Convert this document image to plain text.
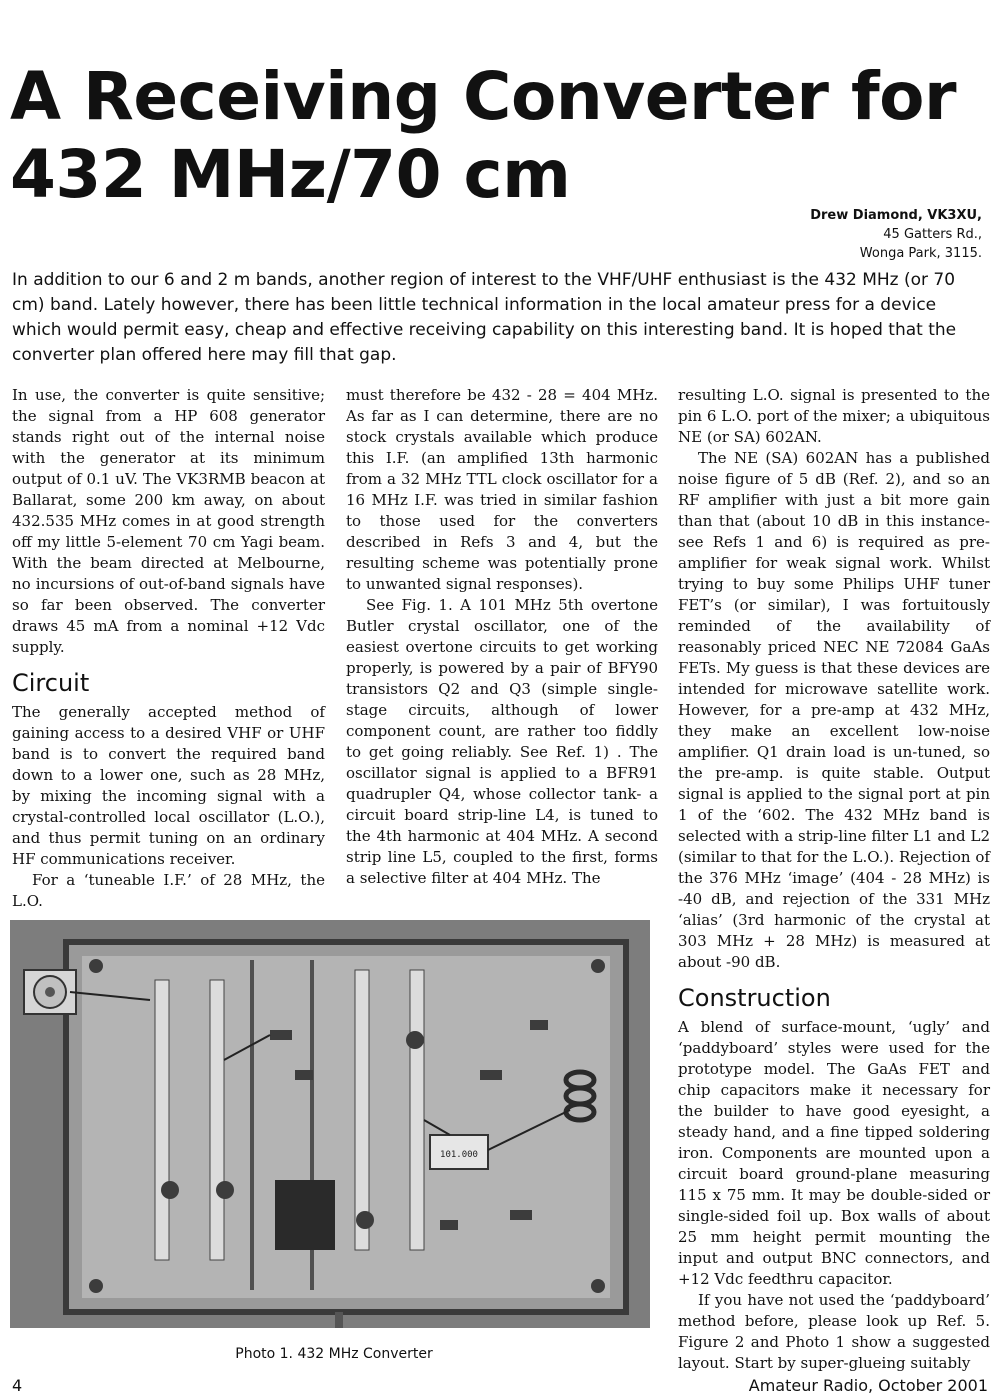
A Receiving Converter for
432 MHz/70 cm
Drew Diamond, VK3XU,
45 Gatters Rd.,
Wonga Park, 3115.

In addition to our 6 and 2 m bands, another region of interest to the VHF/UHF enthusiast is the 432 MHz (or 70 cm) band. Lately however, there has been little technical information in the local amateur press for a device which would permit easy, cheap and effective receiving capability on this interesting band. It is hoped that the converter plan offered here may fill that gap.

In use, the converter is quite sensitive; the signal from a HP 608 generator stands right out of the internal noise with the generator at its minimum output of 0.1 uV. The VK3RMB beacon at Ballarat, some 200 km away, on about 432.535 MHz comes in at good strength off my little 5-element 70 cm Yagi beam. With the beam directed at Melbourne, no incursions of out-of-band signals have so far been observed. The converter draws 45 mA from a nominal +12 Vdc supply.

Circuit

The generally accepted method of gaining access to a desired VHF or UHF band is to convert the required band down to a lower one, such as 28 MHz, by mixing the incoming signal with a crystal-controlled local oscillator (L.O.), and thus permit tuning on an ordinary HF communications receiver.

For a ‘tuneable I.F.’ of 28 MHz, the L.O.

must therefore be 432 - 28 = 404 MHz. As far as I can determine, there are no stock crystals available which produce this I.F. (an amplified 13th harmonic from a 32 MHz TTL clock oscillator for a 16 MHz I.F. was tried in similar fashion to those used for the converters described in Refs 3 and 4, but the resulting scheme was potentially prone to unwanted signal responses).

See Fig. 1. A 101 MHz 5th overtone Butler crystal oscillator, one of the easiest overtone circuits to get working properly, is powered by a pair of BFY90 transistors Q2 and Q3 (simple single-stage circuits, although of lower component count, are rather too fiddly to get going reliably. See Ref. 1) . The oscillator signal is applied to a BFR91 quadrupler Q4, whose collector tank- a circuit board strip-line L4, is tuned to the 4th harmonic at 404 MHz. A second strip line L5, coupled to the first, forms a selective filter at 404 MHz. The

resulting L.O. signal is presented to the pin 6 L.O. port of the mixer; a ubiquitous NE (or SA) 602AN.

The NE (SA) 602AN has a published noise figure of 5 dB (Ref. 2), and so an RF amplifier with just a bit more gain than that (about 10 dB in this instance- see Refs 1 and 6) is required as pre-amplifier for weak signal work. Whilst trying to buy some Philips UHF tuner FET’s (or similar), I was fortuitously reminded of the availability of reasonably priced NEC NE 72084 GaAs FETs. My guess is that these devices are intended for microwave satellite work. However, for a pre-amp at 432 MHz, they make an excellent low-noise amplifier. Q1 drain load is un-tuned, so the pre-amp. is quite stable. Output signal is applied to the signal port at pin 1 of the ‘602. The 432 MHz band is selected with a strip-line filter L1 and L2 (similar to that for the L.O.). Rejection of the 376 MHz ‘image’ (404 - 28 MHz) is -40 dB, and rejection of the 331 MHz ‘alias’ (3rd harmonic of the crystal at 303 MHz + 28 MHz) is measured at about -90 dB.

Construction

A blend of surface-mount, ‘ugly’ and ‘paddyboard’ styles were used for the prototype model. The GaAs FET and chip capacitors make it necessary for the builder to have good eyesight, a steady hand, and a fine tipped soldering iron. Components are mounted upon a circuit board ground-plane measuring 115 x 75 mm. It may be double-sided or single-sided foil up. Box walls of about 25 mm height permit mounting the input and output BNC connectors, and +12 Vdc feedthru capacitor.

If you have not used the ‘paddyboard’ method before, please look up Ref. 5. Figure 2 and Photo 1 show a suggested layout. Start by super-glueing suitably

101.000
Photo 1. 432 MHz Converter
4	Amateur Radio, October 2001
